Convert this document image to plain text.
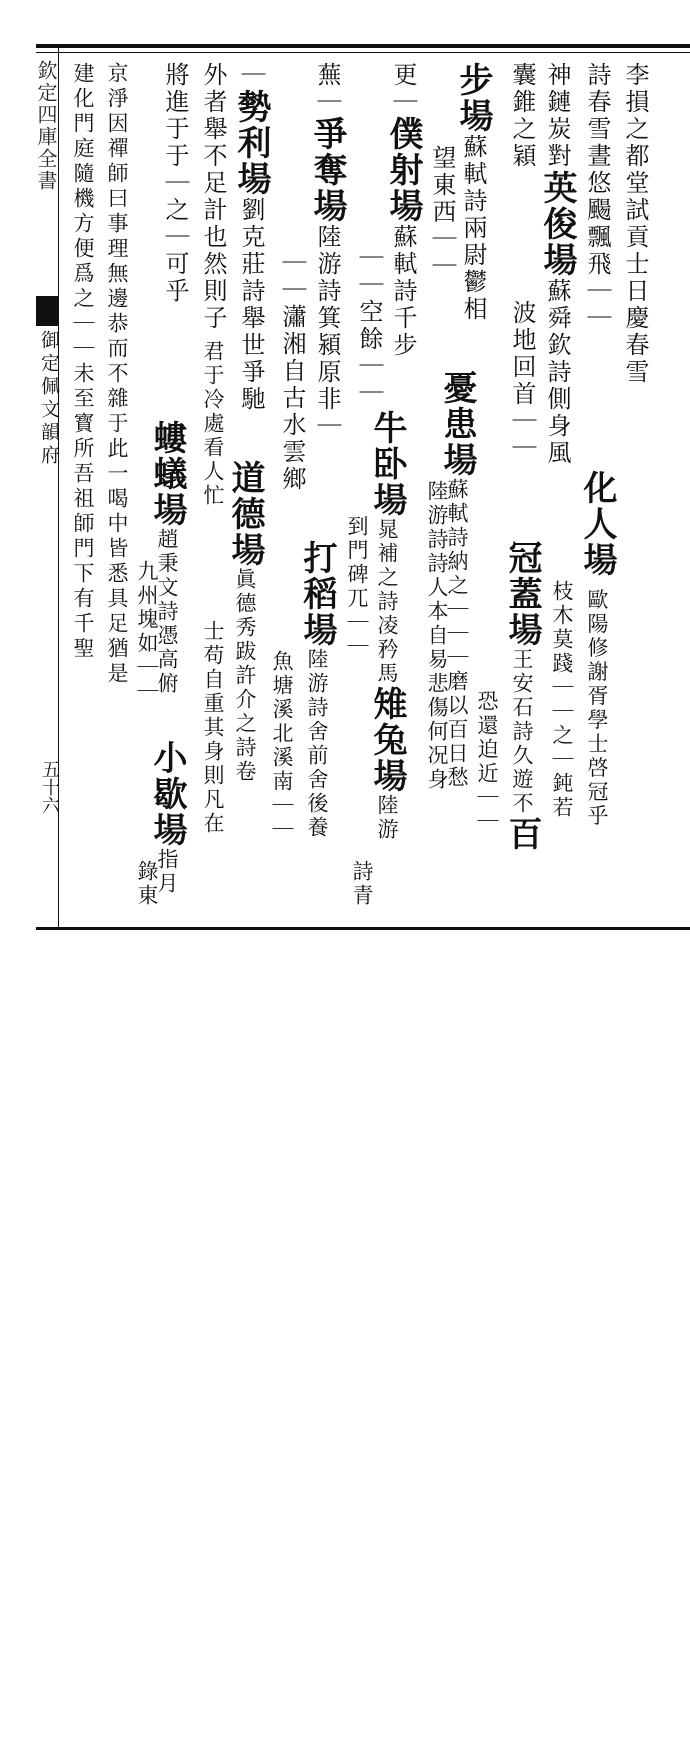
欽定四庫全書
御定佩文韻府
五十六
李損之都堂試貢士日慶春雪
詩春雪晝悠颺飄飛｜｜
化人場 歐陽修謝胥學士啓冠乎
枝木莫踐｜｜之｜鈍若
神鏈炭對英俊場蘇舜欽詩側身風
冠蓋場王安石詩久遊不百
囊錐之穎
波地回首｜｜
恐還迫近｜｜
步場蘇軾詩兩尉鬱相
憂患場蘇軾詩納之｜｜｜磨以百日愁
望東西｜｜
陸游詩詩人本自易悲傷何况身
更｜僕射場蘇軾詩千步
牛卧場晁補之詩凌矜馬雉兔場陸游
｜｜空餘｜｜
到門碑兀｜｜
詩青
蕪｜爭奪場陸游詩箕潁原非｜
打稻場陸游詩舍前舍後養
｜｜瀟湘自古水雲鄉
魚塘溪北溪南｜｜
｜勢利場劉克莊詩舉世爭馳
道德場眞德秀跋許介之詩卷
外者舉不足計也然則子
君于冷處看人忙
士苟自重其身則凡在
將進于于｜之｜可乎
螻蟻場趙秉文詩憑高俯
小歇場指月
九州塊如｜｜
錄東
京淨因禪師曰事理無邊恭而不雜于此一喝中皆悉具足猶是
建化門庭隨機方便爲之｜｜未至寳所吾祖師門下有千聖
